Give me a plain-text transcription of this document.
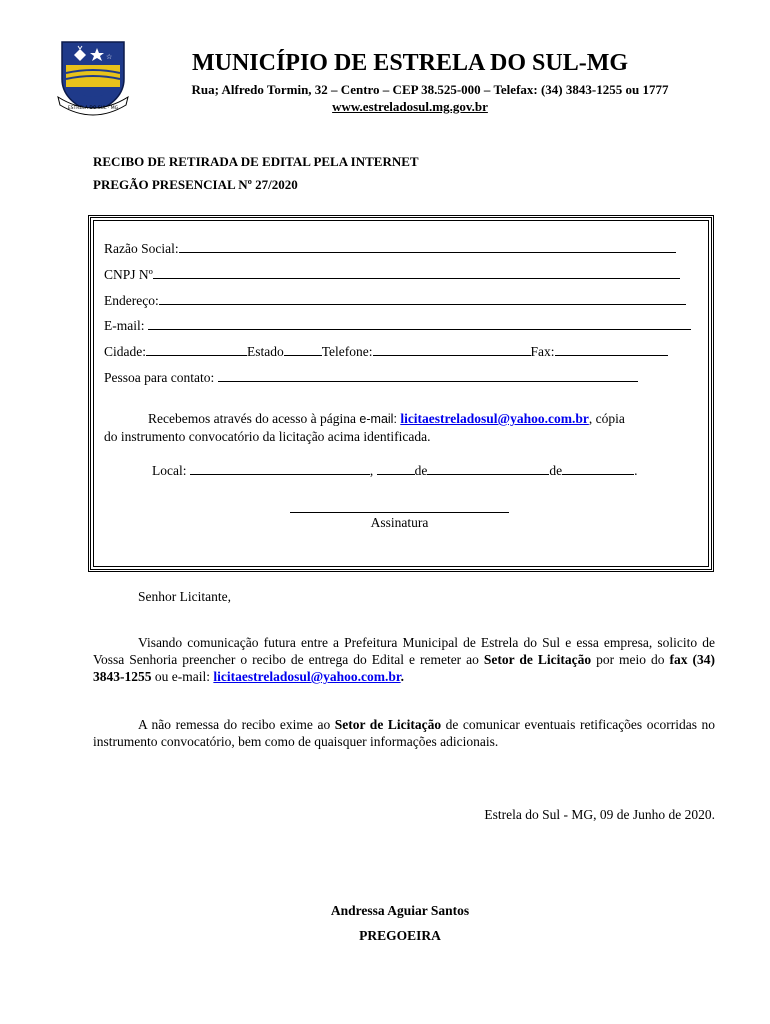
☆
ESTRELA DO SUL · MG
MUNICÍPIO DE ESTRELA DO SUL-MG
Rua; Alfredo Tormin, 32 – Centro – CEP 38.525-000 – Telefax: (34) 3843-1255 ou 1777
www.estreladosul.mg.gov.br
RECIBO DE RETIRADA DE EDITAL PELA INTERNET
PREGÃO PRESENCIAL Nº 27/2020
Razão Social:
CNPJ Nº
Endereço:
E-mail:
Cidade:	Estado	Telefone:	Fax:
Pessoa para contato:
Recebemos através do acesso à página e-mail: licitaestreladosul@yahoo.com.br, cópia
do instrumento convocatório da licitação acima identificada.
Local:	,	de	de	.
Assinatura
Senhor Licitante,
Visando comunicação futura entre a Prefeitura Municipal de Estrela do Sul e essa empresa, solicito de Vossa Senhoria preencher o recibo de entrega do Edital e remeter ao Setor de Licitação por meio do fax (34) 3843-1255 ou e-mail: licitaestreladosul@yahoo.com.br.
A não remessa do recibo exime ao Setor de Licitação de comunicar eventuais retificações ocorridas no instrumento convocatório, bem como de quaisquer informações adicionais.
Estrela do Sul - MG, 09 de Junho de 2020.
Andressa Aguiar Santos
PREGOEIRA
